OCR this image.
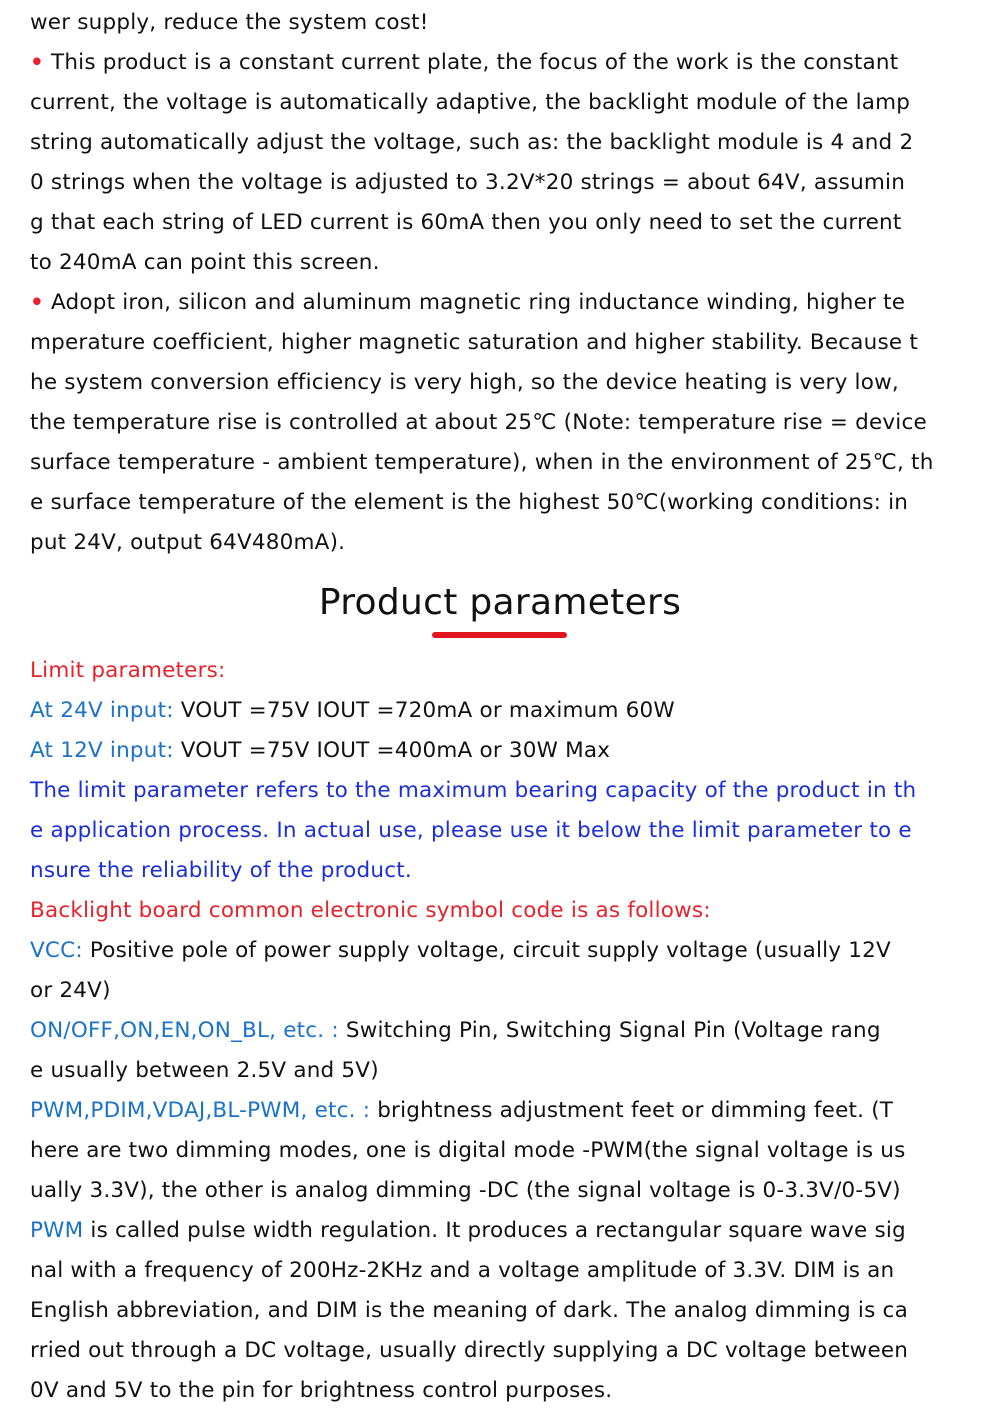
wer supply, reduce the system cost!
• This product is a constant current plate, the focus of the work is the constant
current, the voltage is automatically adaptive, the backlight module of the lamp
string automatically adjust the voltage, such as: the backlight module is 4 and 2
0 strings when the voltage is adjusted to 3.2V*20 strings = about 64V, assumin
g that each string of LED current is 60mA then you only need to set the current
to 240mA can point this screen.
• Adopt iron, silicon and aluminum magnetic ring inductance winding, higher te
mperature coefficient, higher magnetic saturation and higher stability. Because t
he system conversion efficiency is very high, so the device heating is very low,
the temperature rise is controlled at about 25℃ (Note: temperature rise = device
surface temperature - ambient temperature), when in the environment of 25℃, th
e surface temperature of the element is the highest 50℃(working conditions: in
put 24V, output 64V480mA).
Product parameters
Limit parameters:
At 24V input: VOUT =75V IOUT =720mA or maximum 60W
At 12V input: VOUT =75V IOUT =400mA or 30W Max
The limit parameter refers to the maximum bearing capacity of the product in th
e application process. In actual use, please use it below the limit parameter to e
nsure the reliability of the product.
Backlight board common electronic symbol code is as follows:
VCC: Positive pole of power supply voltage, circuit supply voltage (usually 12V
or 24V)
ON/OFF,ON,EN,ON_BL, etc. : Switching Pin, Switching Signal Pin (Voltage rang
e usually between 2.5V and 5V)
PWM,PDIM,VDAJ,BL-PWM, etc. : brightness adjustment feet or dimming feet. (T
here are two dimming modes, one is digital mode -PWM(the signal voltage is us
ually 3.3V), the other is analog dimming -DC (the signal voltage is 0-3.3V/0-5V)
PWM is called pulse width regulation. It produces a rectangular square wave sig
nal with a frequency of 200Hz-2KHz and a voltage amplitude of 3.3V. DIM is an
English abbreviation, and DIM is the meaning of dark. The analog dimming is ca
rried out through a DC voltage, usually directly supplying a DC voltage between
0V and 5V to the pin for brightness control purposes.
